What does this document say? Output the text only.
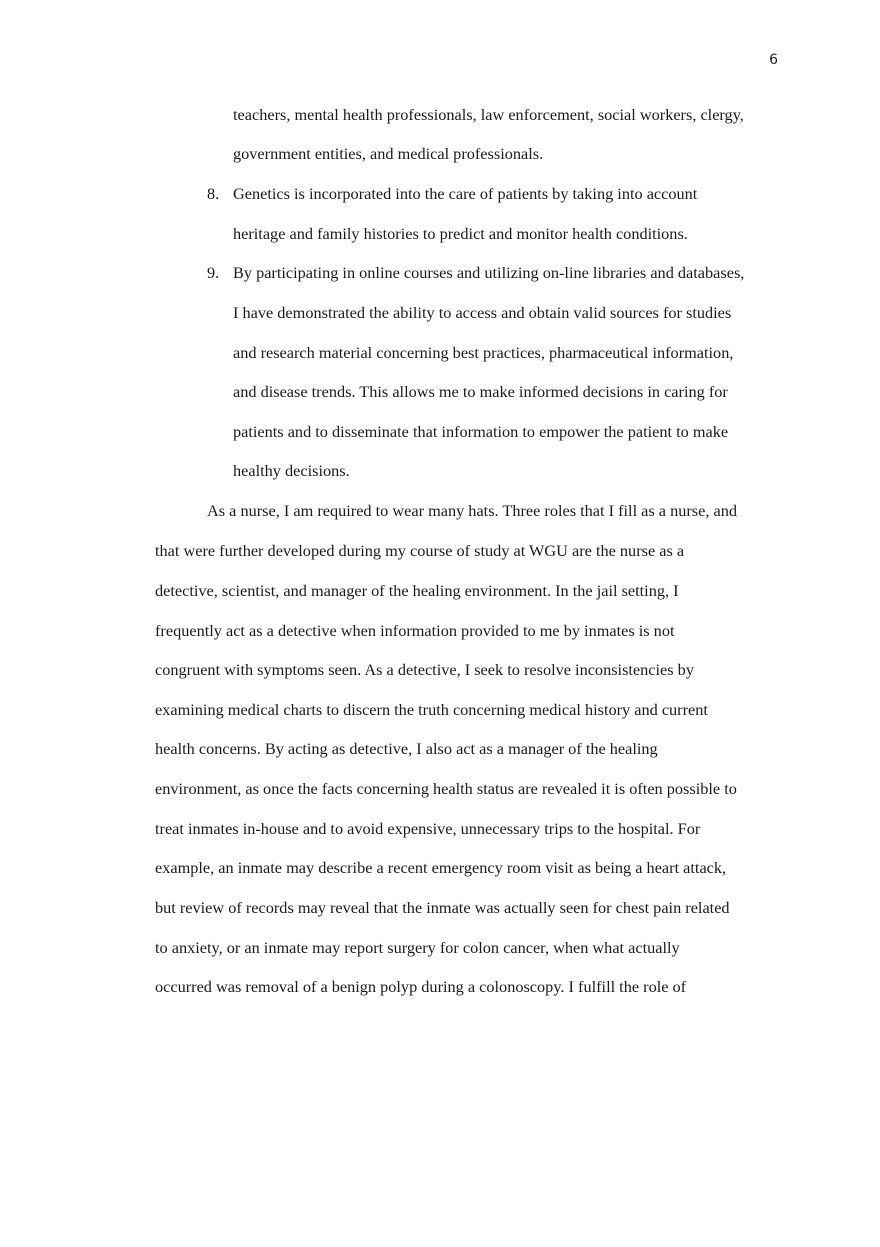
6
teachers, mental health professionals, law enforcement, social workers, clergy,
government entities, and medical professionals.
8. Genetics is incorporated into the care of patients by taking into account
heritage and family histories to predict and monitor health conditions.
9. By participating in online courses and utilizing on-line libraries and databases,
I have demonstrated the ability to access and obtain valid sources for studies
and research material concerning best practices, pharmaceutical information,
and disease trends. This allows me to make informed decisions in caring for
patients and to disseminate that information to empower the patient to make
healthy decisions.
As a nurse, I am required to wear many hats. Three roles that I fill as a nurse, and
that were further developed during my course of study at WGU are the nurse as a
detective, scientist, and manager of the healing environment. In the jail setting, I
frequently act as a detective when information provided to me by inmates is not
congruent with symptoms seen. As a detective, I seek to resolve inconsistencies by
examining medical charts to discern the truth concerning medical history and current
health concerns. By acting as detective, I also act as a manager of the healing
environment, as once the facts concerning health status are revealed it is often possible to
treat inmates in-house and to avoid expensive, unnecessary trips to the hospital. For
example, an inmate may describe a recent emergency room visit as being a heart attack,
but review of records may reveal that the inmate was actually seen for chest pain related
to anxiety, or an inmate may report surgery for colon cancer, when what actually
occurred was removal of a benign polyp during a colonoscopy. I fulfill the role of
